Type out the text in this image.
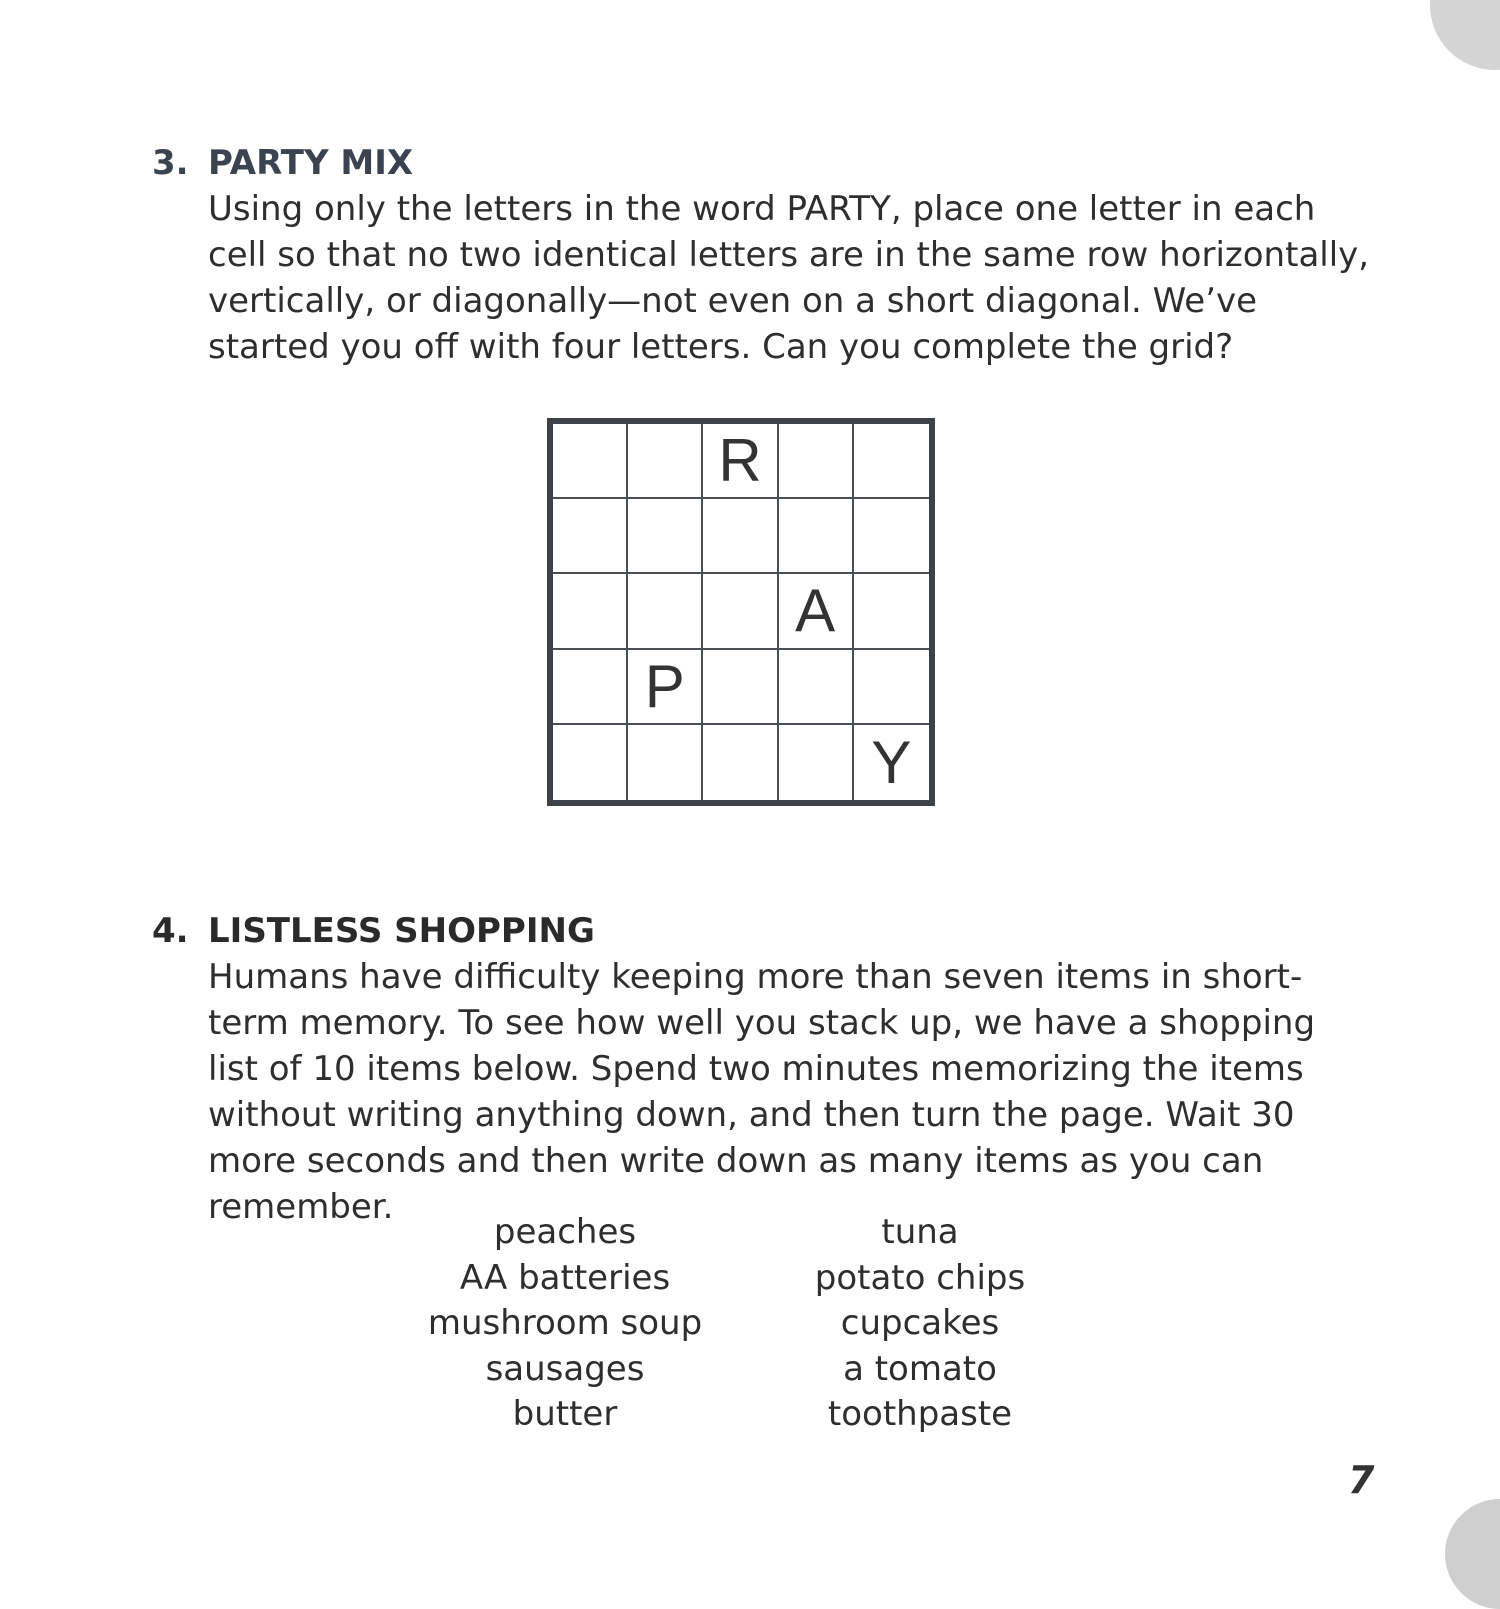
3. PARTY MIX
Using only the letters in the word PARTY, place one letter in each cell so that no two identical letters are in the same row horizontally, vertically, or diagonally—not even on a short diagonal. We’ve started you off with four letters. Can you complete the grid?
R
A
P
Y
4. LISTLESS SHOPPING
Humans have difficulty keeping more than seven items in short-term memory. To see how well you stack up, we have a shopping list of 10 items below. Spend two minutes memorizing the items without writing anything down, and then turn the page. Wait 30 more seconds and then write down as many items as you can remember.
peaches
AA batteries
mushroom soup
sausages
butter
tuna
potato chips
cupcakes
a tomato
toothpaste
7
